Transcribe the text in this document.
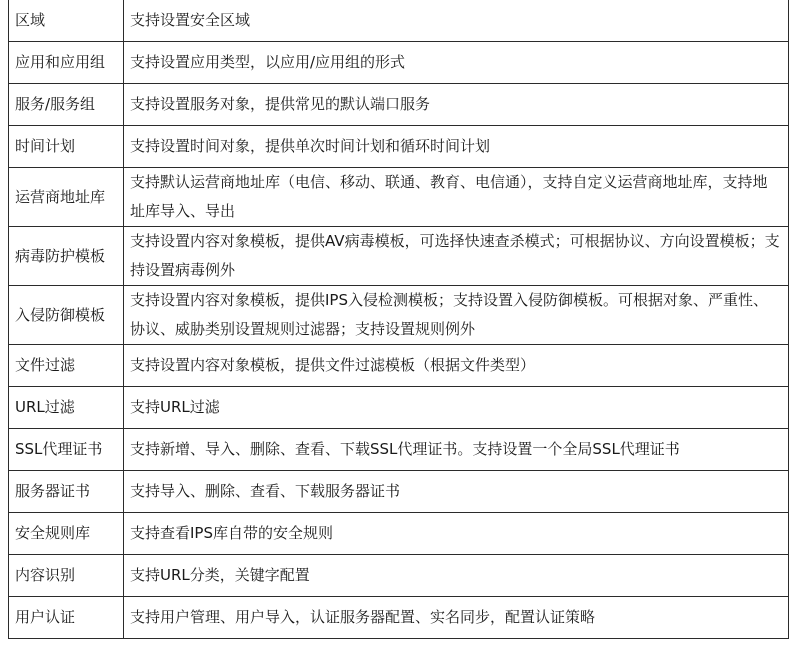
区域	支持设置安全区域
应用和应用组	支持设置应用类型，以应用/应用组的形式
服务/服务组	支持设置服务对象，提供常见的默认端口服务
时间计划	支持设置时间对象，提供单次时间计划和循环时间计划
运营商地址库	支持默认运营商地址库（电信、移动、联通、教育、电信通），支持自定义运营商地址库，支持地址库导入、导出
病毒防护模板	支持设置内容对象模板，提供AV病毒模板，可选择快速查杀模式；可根据协议、方向设置模板；支持设置病毒例外
入侵防御模板	支持设置内容对象模板，提供IPS入侵检测模板；支持设置入侵防御模板。可根据对象、严重性、协议、威胁类别设置规则过滤器；支持设置规则例外
文件过滤	支持设置内容对象模板，提供文件过滤模板（根据文件类型）
URL过滤	支持URL过滤
SSL代理证书	支持新增、导入、删除、查看、下载SSL代理证书。支持设置一个全局SSL代理证书
服务器证书	支持导入、删除、查看、下载服务器证书
安全规则库	支持查看IPS库自带的安全规则
内容识别	支持URL分类，关键字配置
用户认证	支持用户管理、用户导入，认证服务器配置、实名同步，配置认证策略
